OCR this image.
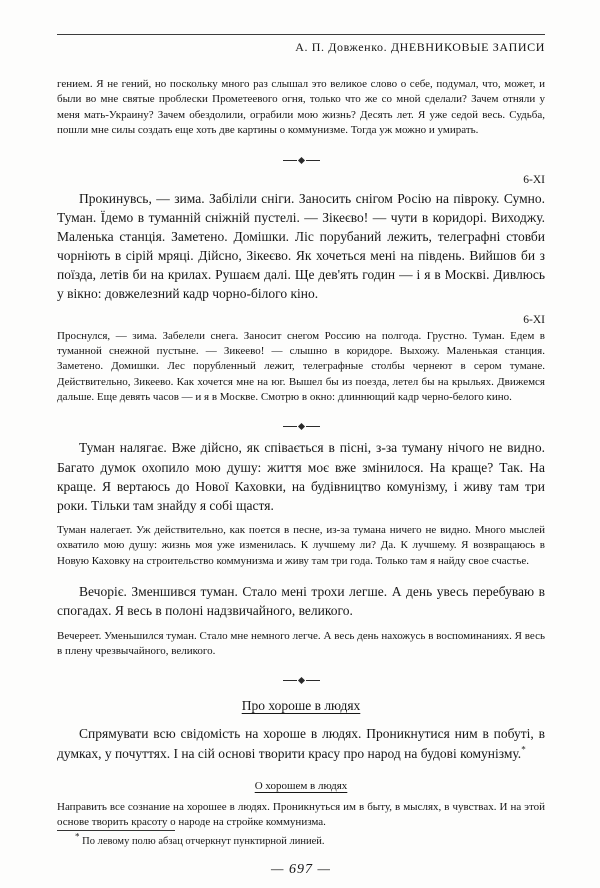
А. П. Довженко. ДНЕВНИКОВЫЕ ЗАПИСИ

гением. Я не гений, но поскольку много раз слышал это великое слово о себе, подумал, что, может, и были во мне святые проблески Прометеевого огня, только что же со мной сделали? Зачем отняли у меня мать-Украину? Зачем обездолили, ограбили мою жизнь? Десять лет. Я уже седой весь. Судьба, пошли мне силы создать еще хоть две картины о коммунизме. Тогда уж можно и умирать.

6-XI

Прокинувсь, — зима. Забіліли сніги. Заносить снігом Росію на півроку. Сумно. Туман. Їдемо в туманній сніжній пустелі. — Зікеєво! — чути в коридорі. Виходжу. Маленька станція. Заметено. Домішки. Ліс порубаний лежить, телеграфні стовби чорніють в сірій мряці. Дійсно, Зікеєво. Як хочеться мені на південь. Вийшов би з поїзда, летів би на крилах. Рушаєм далі. Ще дев'ять годин — і я в Москві. Дивлюсь у вікно: довжелезний кадр чорно-білого кіно.

6-XI

Проснулся, — зима. Забелели снега. Заносит снегом Россию на полгода. Грустно. Туман. Едем в туманной снежной пустыне. — Зикеево! — слышно в коридоре. Выхожу. Маленькая станция. Заметено. Домишки. Лес порубленный лежит, телеграфные столбы чернеют в сером тумане. Действительно, Зикеево. Как хочется мне на юг. Вышел бы из поезда, летел бы на крыльях. Движемся дальше. Еще девять часов — и я в Москве. Смотрю в окно: длиннющий кадр черно-белого кино.

Туман налягає. Вже дійсно, як співається в пісні, з-за туману нічого не видно. Багато думок охопило мою душу: життя моє вже змінилося. На краще? Так. На краще. Я вертаюсь до Нової Каховки, на будівництво комунізму, і живу там три роки. Тільки там знайду я собі щастя.

Туман налегает. Уж действительно, как поется в песне, из-за тумана ничего не видно. Много мыслей охватило мою душу: жизнь моя уже изменилась. К лучшему ли? Да. К лучшему. Я возвращаюсь в Новую Каховку на строительство коммунизма и живу там три года. Только там я найду свое счастье.

Вечоріє. Зменшився туман. Стало мені трохи легше. А день увесь перебуваю в спогадах. Я весь в полоні надзвичайного, великого.

Вечереет. Уменьшился туман. Стало мне немного легче. А весь день нахожусь в воспоминаниях. Я весь в плену чрезвычайного, великого.

Про хороше в людях

Спрямувати всю свідомість на хороше в людях. Проникнутися ним в побуті, в думках, у почуттях. І на сій основі творити красу про народ на будові комунізму.*

О хорошем в людях

Направить все сознание на хорошее в людях. Проникнуться им в быту, в мыслях, в чувствах. И на этой основе творить красоту о народе на стройке коммунизма.

* По левому полю абзац отчеркнут пунктирной линией.

— 697 —
